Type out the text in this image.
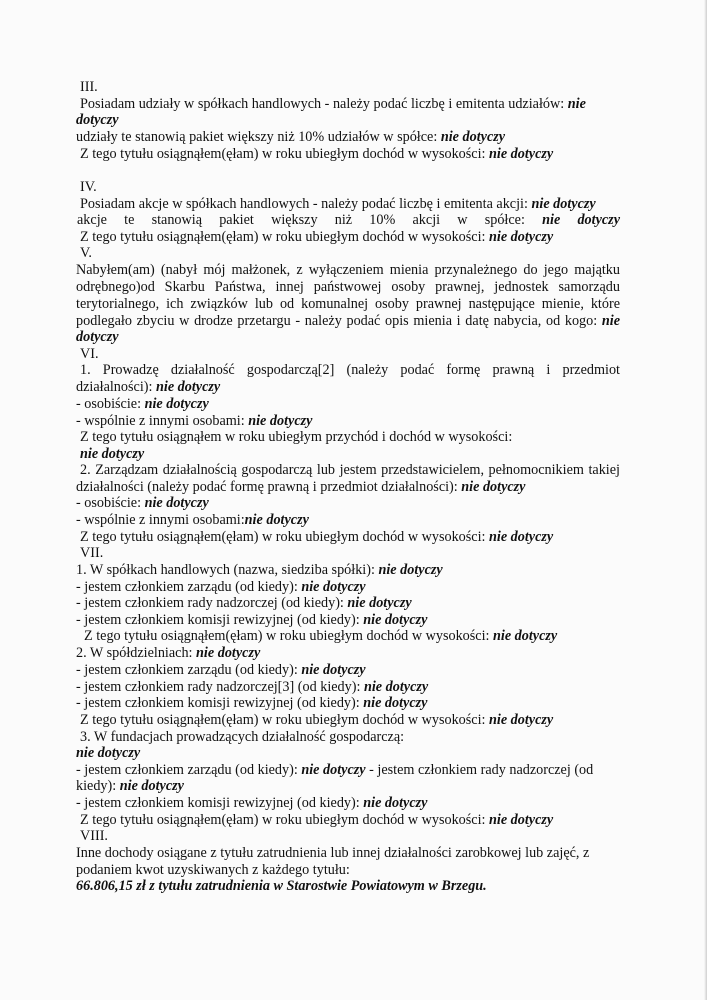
III.
Posiadam udziały w spółkach handlowych - należy podać liczbę i emitenta udziałów: nie
dotyczy
udziały te stanowią pakiet większy niż 10% udziałów w spółce: nie dotyczy
Z tego tytułu osiągnąłem(ęłam) w roku ubiegłym dochód w wysokości: nie dotyczy
IV.
Posiadam akcje w spółkach handlowych - należy podać liczbę i emitenta akcji: nie dotyczy
akcje te stanowią pakiet większy niż 10% akcji w spółce: nie dotyczy
Z tego tytułu osiągnąłem(ęłam) w roku ubiegłym dochód w wysokości: nie dotyczy
V.
Nabyłem(am) (nabył mój małżonek, z wyłączeniem mienia przynależnego do jego majątku
odrębnego)od Skarbu Państwa, innej państwowej osoby prawnej, jednostek samorządu
terytorialnego, ich związków lub od komunalnej osoby prawnej następujące mienie, które
podlegało zbyciu w drodze przetargu - należy podać opis mienia i datę nabycia, od kogo: nie
dotyczy
VI.
1. Prowadzę działalność gospodarczą[2] (należy podać formę prawną i przedmiot
działalności): nie dotyczy
- osobiście: nie dotyczy
- wspólnie z innymi osobami: nie dotyczy
Z tego tytułu osiągnąłem w roku ubiegłym przychód i dochód w wysokości:
nie dotyczy
2. Zarządzam działalnością gospodarczą lub jestem przedstawicielem, pełnomocnikiem takiej
działalności (należy podać formę prawną i przedmiot działalności): nie dotyczy
- osobiście: nie dotyczy
- wspólnie z innymi osobami:nie dotyczy
Z tego tytułu osiągnąłem(ęłam) w roku ubiegłym dochód w wysokości: nie dotyczy
VII.
1. W spółkach handlowych (nazwa, siedziba spółki): nie dotyczy
- jestem członkiem zarządu (od kiedy): nie dotyczy
- jestem członkiem rady nadzorczej (od kiedy): nie dotyczy
- jestem członkiem komisji rewizyjnej (od kiedy): nie dotyczy
Z tego tytułu osiągnąłem(ęłam) w roku ubiegłym dochód w wysokości: nie dotyczy
2. W spółdzielniach: nie dotyczy
- jestem członkiem zarządu (od kiedy): nie dotyczy
- jestem członkiem rady nadzorczej[3] (od kiedy): nie dotyczy
- jestem członkiem komisji rewizyjnej (od kiedy): nie dotyczy
Z tego tytułu osiągnąłem(ęłam) w roku ubiegłym dochód w wysokości: nie dotyczy
3. W fundacjach prowadzących działalność gospodarczą:
nie dotyczy
- jestem członkiem zarządu (od kiedy): nie dotyczy - jestem członkiem rady nadzorczej (od
kiedy): nie dotyczy
- jestem członkiem komisji rewizyjnej (od kiedy): nie dotyczy
Z tego tytułu osiągnąłem(ęłam) w roku ubiegłym dochód w wysokości: nie dotyczy
VIII.
Inne dochody osiągane z tytułu zatrudnienia lub innej działalności zarobkowej lub zajęć, z
podaniem kwot uzyskiwanych z każdego tytułu:
66.806,15 zł z tytułu zatrudnienia w Starostwie Powiatowym w Brzegu.
